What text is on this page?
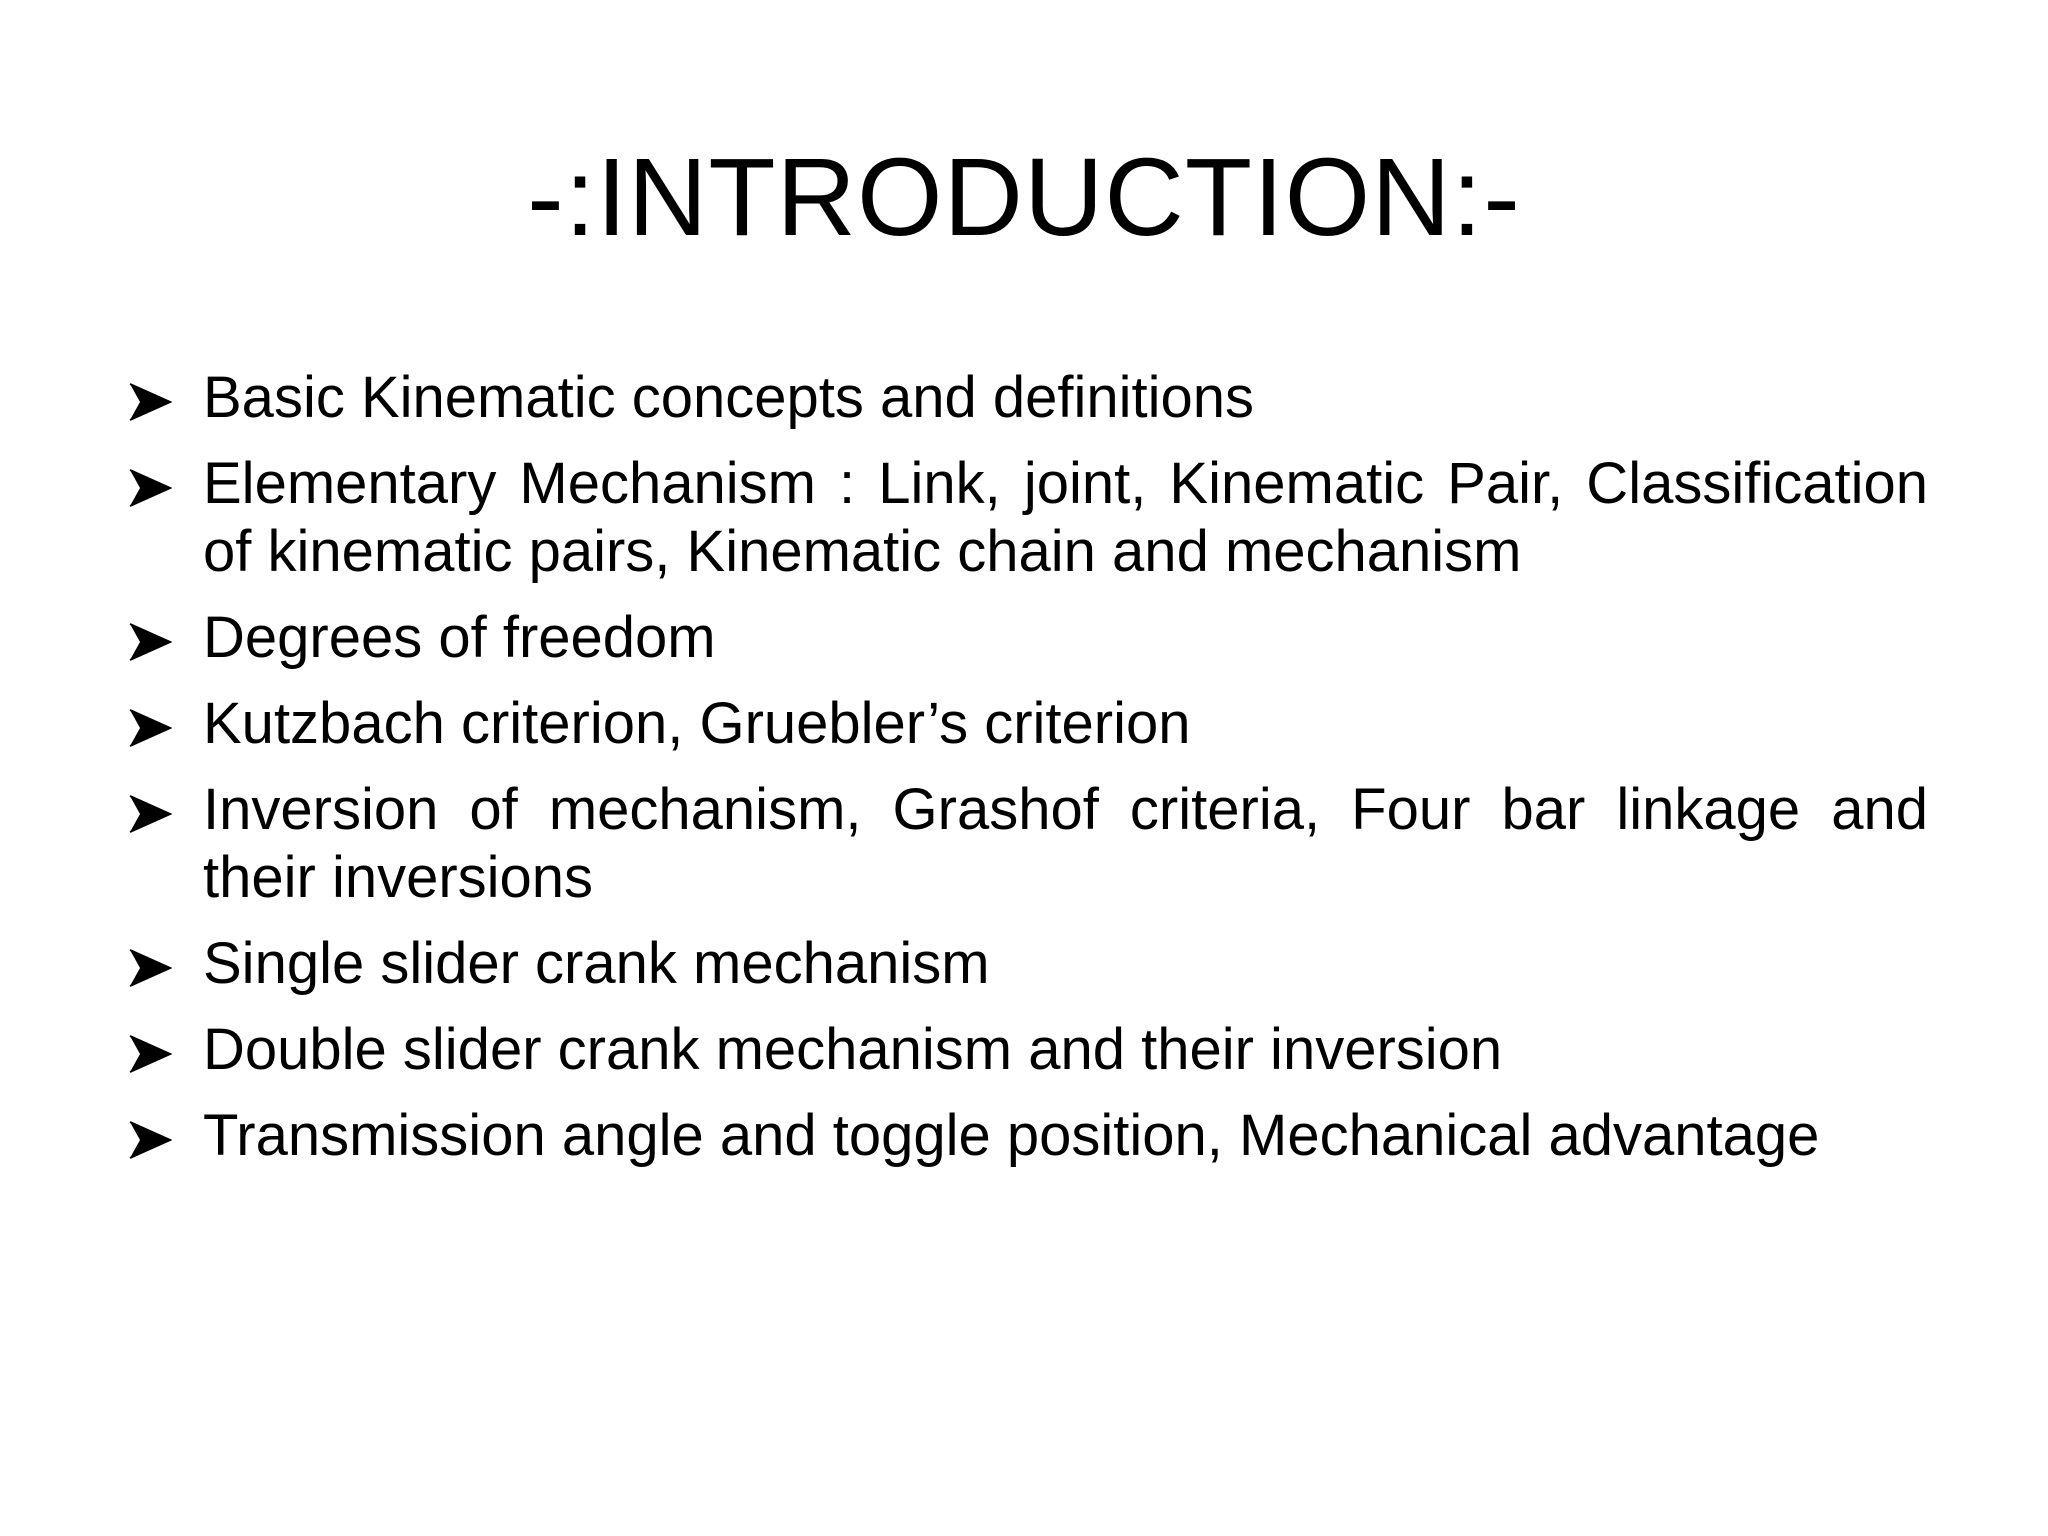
-:INTRODUCTION:-
Basic Kinematic concepts and definitions
Elementary Mechanism : Link, joint, Kinematic Pair, Classification of kinematic pairs, Kinematic chain and mechanism
Degrees of freedom
Kutzbach criterion, Gruebler’s criterion
Inversion of mechanism, Grashof criteria, Four bar linkage and their inversions
Single slider crank mechanism
Double slider crank mechanism and their inversion
Transmission angle and toggle position, Mechanical advantage
